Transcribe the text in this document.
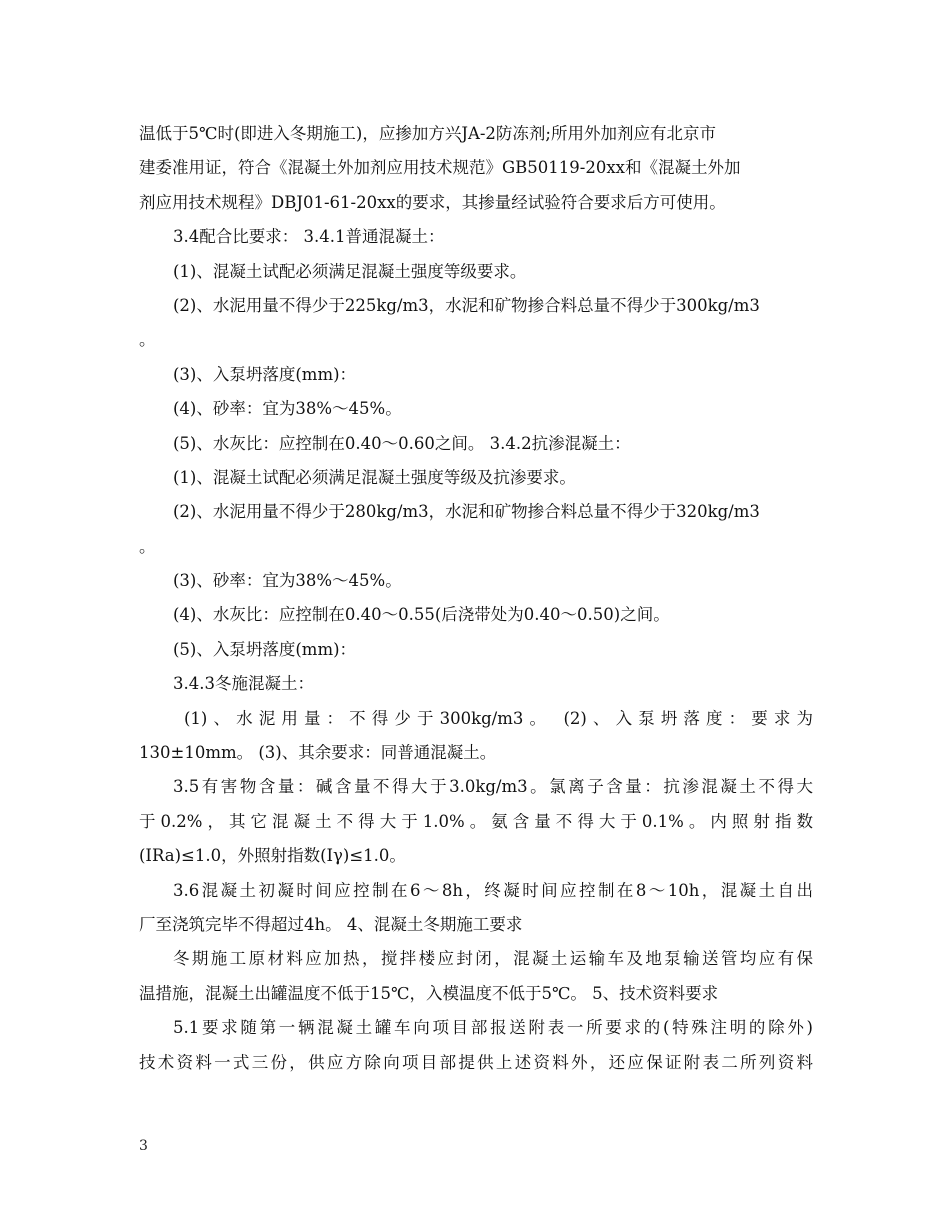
温低于5℃时(即进入冬期施工)，应掺加方兴JA-2防冻剂;所用外加剂应有北京市
建委准用证，符合《混凝土外加剂应用技术规范》GB50119-20xx和《混凝土外加
剂应用技术规程》DBJ01-61-20xx的要求，其掺量经试验符合要求后方可使用。
3.4配合比要求： 3.4.1普通混凝土：
(1)、混凝土试配必须满足混凝土强度等级要求。
(2)、水泥用量不得少于225kg/m3，水泥和矿物掺合料总量不得少于300kg/m3
。
(3)、入泵坍落度(mm)：
(4)、砂率：宜为38%～45%。
(5)、水灰比：应控制在0.40～0.60之间。 3.4.2抗渗混凝土：
(1)、混凝土试配必须满足混凝土强度等级及抗渗要求。
(2)、水泥用量不得少于280kg/m3，水泥和矿物掺合料总量不得少于320kg/m3
。
(3)、砂率：宜为38%～45%。
(4)、水灰比：应控制在0.40～0.55(后浇带处为0.40～0.50)之间。
(5)、入泵坍落度(mm)：
3.4.3冬施混凝土：
(1)、水泥用量：不得少于300kg/m3。 (2)、入泵坍落度：要求为
130±10mm。 (3)、其余要求：同普通混凝土。
3.5有害物含量：碱含量不得大于3.0kg/m3。氯离子含量：抗渗混凝土不得大
于0.2%，其它混凝土不得大于1.0%。氨含量不得大于0.1%。内照射指数
(IRa)≤1.0，外照射指数(Iγ)≤1.0。
3.6混凝土初凝时间应控制在6～8h，终凝时间应控制在8～10h，混凝土自出
厂至浇筑完毕不得超过4h。 4、混凝土冬期施工要求
冬期施工原材料应加热，搅拌楼应封闭，混凝土运输车及地泵输送管均应有保
温措施，混凝土出罐温度不低于15℃，入模温度不低于5℃。 5、技术资料要求
5.1要求随第一辆混凝土罐车向项目部报送附表一所要求的(特殊注明的除外)
技术资料一式三份，供应方除向项目部提供上述资料外，还应保证附表二所列资料
3
